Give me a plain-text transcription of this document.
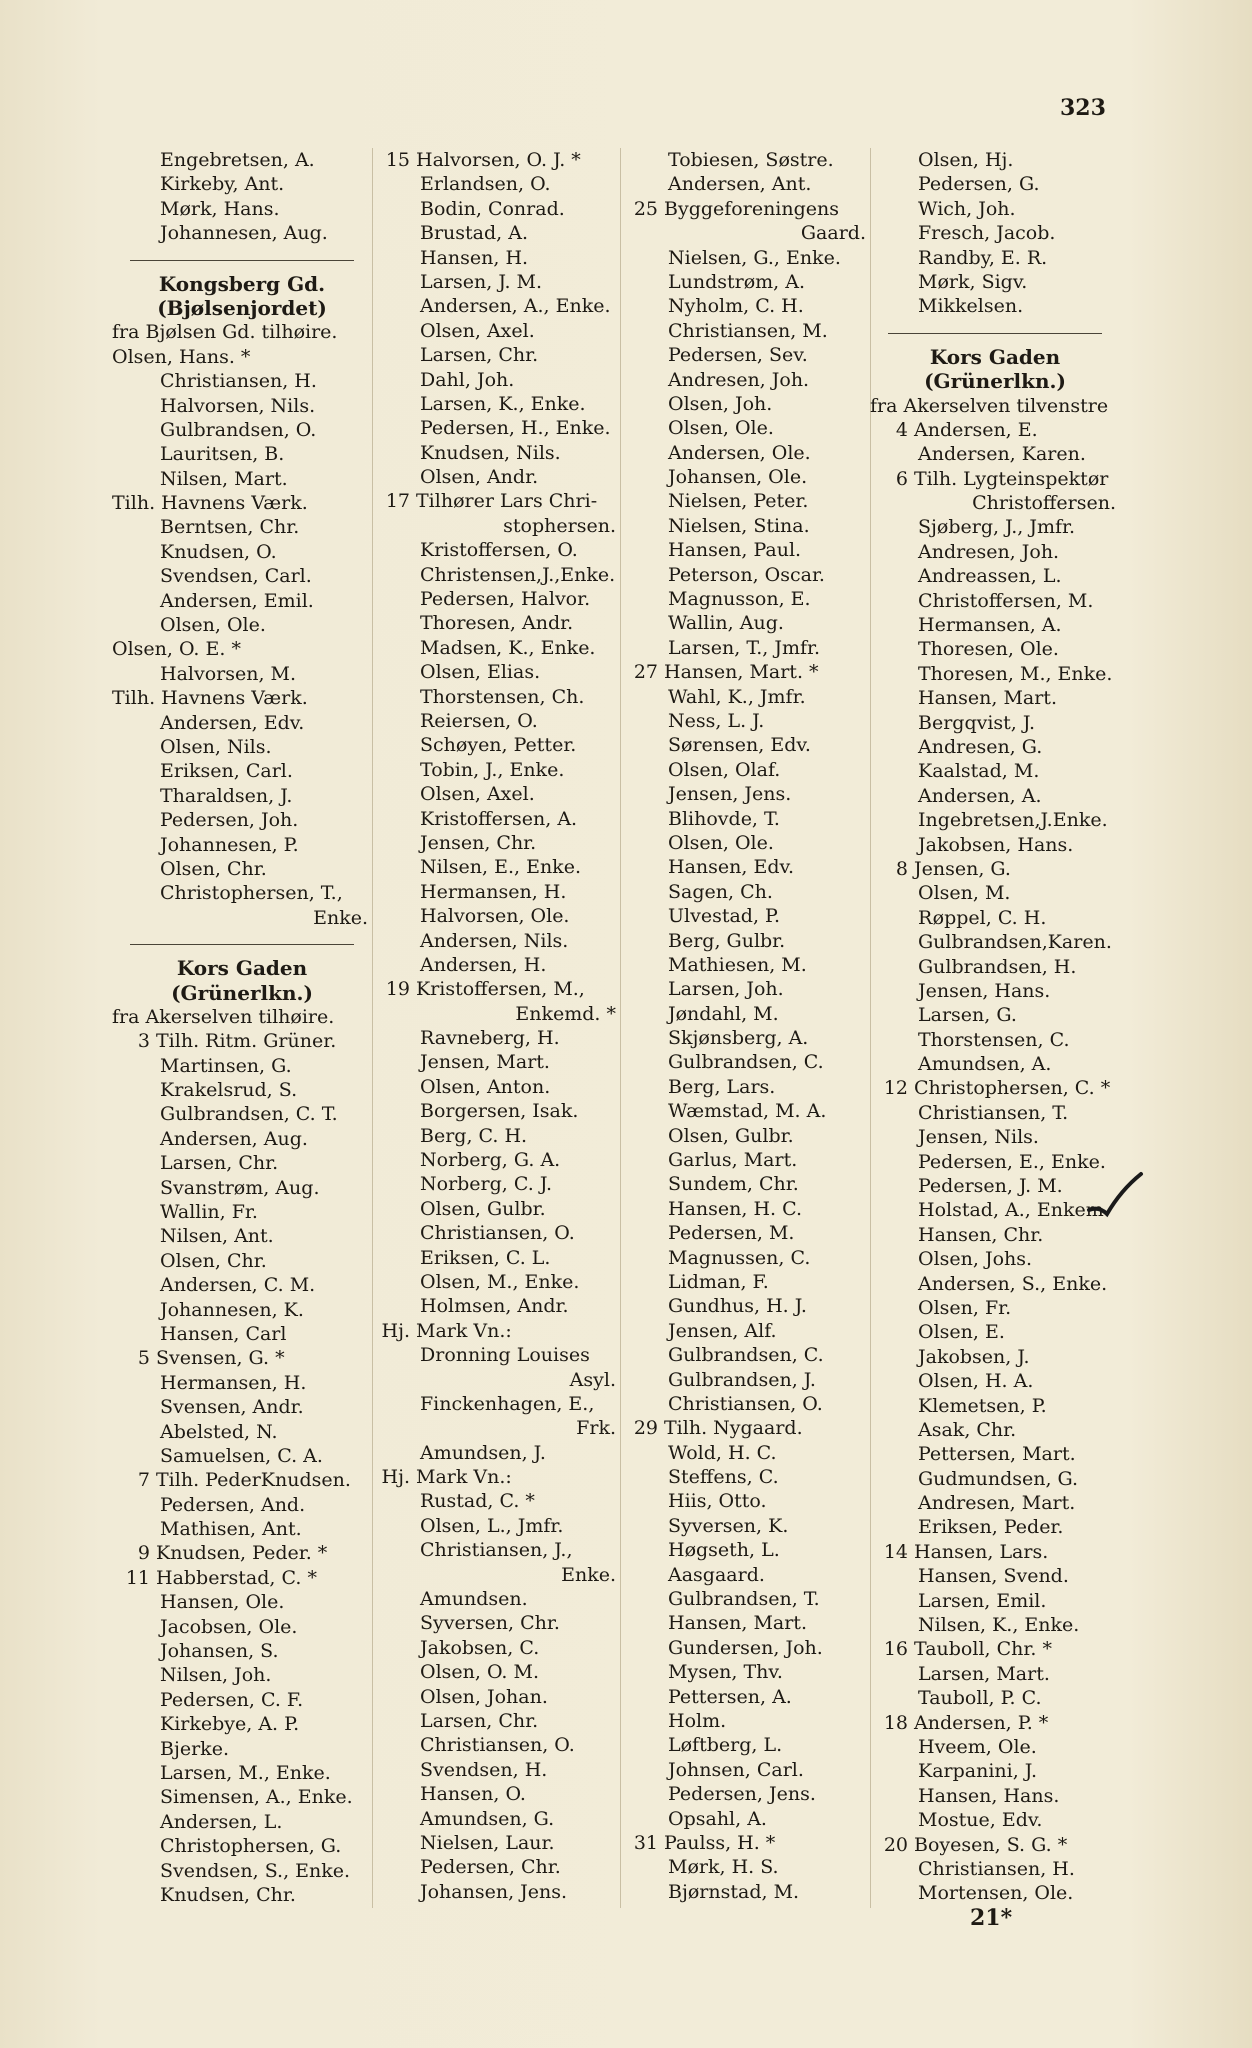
323
Engebretsen, A.
Kirkeby, Ant.
Mørk, Hans.
Johannesen, Aug.
Kongsberg Gd.
(Bjølsenjordet)
fra Bjølsen Gd. tilhøire.
Olsen, Hans. *
Christiansen, H.
Halvorsen, Nils.
Gulbrandsen, O.
Lauritsen, B.
Nilsen, Mart.
Tilh. Havnens Værk.
Berntsen, Chr.
Knudsen, O.
Svendsen, Carl.
Andersen, Emil.
Olsen, Ole.
Olsen, O. E. *
Halvorsen, M.
Tilh. Havnens Værk.
Andersen, Edv.
Olsen, Nils.
Eriksen, Carl.
Tharaldsen, J.
Pedersen, Joh.
Johannesen, P.
Olsen, Chr.
Christophersen, T.,
Enke.
Kors Gaden
(Grünerlkn.)
fra Akerselven tilhøire.
3 Tilh. Ritm. Grüner.
Martinsen, G.
Krakelsrud, S.
Gulbrandsen, C. T.
Andersen, Aug.
Larsen, Chr.
Svanstrøm, Aug.
Wallin, Fr.
Nilsen, Ant.
Olsen, Chr.
Andersen, C. M.
Johannesen, K.
Hansen, Carl
5 Svensen, G. *
Hermansen, H.
Svensen, Andr.
Abelsted, N.
Samuelsen, C. A.
7 Tilh. PederKnudsen.
Pedersen, And.
Mathisen, Ant.
9 Knudsen, Peder. *
11 Habberstad, C. *
Hansen, Ole.
Jacobsen, Ole.
Johansen, S.
Nilsen, Joh.
Pedersen, C. F.
Kirkebye, A. P.
Bjerke.
Larsen, M., Enke.
Simensen, A., Enke.
Andersen, L.
Christophersen, G.
Svendsen, S., Enke.
Knudsen, Chr.
15 Halvorsen, O. J. *
Erlandsen, O.
Bodin, Conrad.
Brustad, A.
Hansen, H.
Larsen, J. M.
Andersen, A., Enke.
Olsen, Axel.
Larsen, Chr.
Dahl, Joh.
Larsen, K., Enke.
Pedersen, H., Enke.
Knudsen, Nils.
Olsen, Andr.
17 Tilhører Lars Chri-
stophersen.
Kristoffersen, O.
Christensen,J.,Enke.
Pedersen, Halvor.
Thoresen, Andr.
Madsen, K., Enke.
Olsen, Elias.
Thorstensen, Ch.
Reiersen, O.
Schøyen, Petter.
Tobin, J., Enke.
Olsen, Axel.
Kristoffersen, A.
Jensen, Chr.
Nilsen, E., Enke.
Hermansen, H.
Halvorsen, Ole.
Andersen, Nils.
Andersen, H.
19 Kristoffersen, M.,
Enkemd. *
Ravneberg, H.
Jensen, Mart.
Olsen, Anton.
Borgersen, Isak.
Berg, C. H.
Norberg, G. A.
Norberg, C. J.
Olsen, Gulbr.
Christiansen, O.
Eriksen, C. L.
Olsen, M., Enke.
Holmsen, Andr.
Hj. Mark Vn.:
Dronning Louises
Asyl.
Finckenhagen, E.,
Frk.
Amundsen, J.
Hj. Mark Vn.:
Rustad, C. *
Olsen, L., Jmfr.
Christiansen, J.,
Enke.
Amundsen.
Syversen, Chr.
Jakobsen, C.
Olsen, O. M.
Olsen, Johan.
Larsen, Chr.
Christiansen, O.
Svendsen, H.
Hansen, O.
Amundsen, G.
Nielsen, Laur.
Pedersen, Chr.
Johansen, Jens.
Tobiesen, Søstre.
Andersen, Ant.
25 Byggeforeningens
Gaard.
Nielsen, G., Enke.
Lundstrøm, A.
Nyholm, C. H.
Christiansen, M.
Pedersen, Sev.
Andresen, Joh.
Olsen, Joh.
Olsen, Ole.
Andersen, Ole.
Johansen, Ole.
Nielsen, Peter.
Nielsen, Stina.
Hansen, Paul.
Peterson, Oscar.
Magnusson, E.
Wallin, Aug.
Larsen, T., Jmfr.
27 Hansen, Mart. *
Wahl, K., Jmfr.
Ness, L. J.
Sørensen, Edv.
Olsen, Olaf.
Jensen, Jens.
Blihovde, T.
Olsen, Ole.
Hansen, Edv.
Sagen, Ch.
Ulvestad, P.
Berg, Gulbr.
Mathiesen, M.
Larsen, Joh.
Jøndahl, M.
Skjønsberg, A.
Gulbrandsen, C.
Berg, Lars.
Wæmstad, M. A.
Olsen, Gulbr.
Garlus, Mart.
Sundem, Chr.
Hansen, H. C.
Pedersen, M.
Magnussen, C.
Lidman, F.
Gundhus, H. J.
Jensen, Alf.
Gulbrandsen, C.
Gulbrandsen, J.
Christiansen, O.
29 Tilh. Nygaard.
Wold, H. C.
Steffens, C.
Hiis, Otto.
Syversen, K.
Høgseth, L.
Aasgaard.
Gulbrandsen, T.
Hansen, Mart.
Gundersen, Joh.
Mysen, Thv.
Pettersen, A.
Holm.
Løftberg, L.
Johnsen, Carl.
Pedersen, Jens.
Opsahl, A.
31 Paulss, H. *
Mørk, H. S.
Bjørnstad, M.
Olsen, Hj.
Pedersen, G.
Wich, Joh.
Fresch, Jacob.
Randby, E. R.
Mørk, Sigv.
Mikkelsen.
Kors Gaden
(Grünerlkn.)
fra Akerselven tilvenstre
4 Andersen, E.
Andersen, Karen.
6 Tilh. Lygteinspektør
Christoffersen.
Sjøberg, J., Jmfr.
Andresen, Joh.
Andreassen, L.
Christoffersen, M.
Hermansen, A.
Thoresen, Ole.
Thoresen, M., Enke.
Hansen, Mart.
Bergqvist, J.
Andresen, G.
Kaalstad, M.
Andersen, A.
Ingebretsen,J.Enke.
Jakobsen, Hans.
8 Jensen, G.
Olsen, M.
Røppel, C. H.
Gulbrandsen,Karen.
Gulbrandsen, H.
Jensen, Hans.
Larsen, G.
Thorstensen, C.
Amundsen, A.
12 Christophersen, C. *
Christiansen, T.
Jensen, Nils.
Pedersen, E., Enke.
Pedersen, J. M.
Holstad, A., Enkem.
Hansen, Chr.
Olsen, Johs.
Andersen, S., Enke.
Olsen, Fr.
Olsen, E.
Jakobsen, J.
Olsen, H. A.
Klemetsen, P.
Asak, Chr.
Pettersen, Mart.
Gudmundsen, G.
Andresen, Mart.
Eriksen, Peder.
14 Hansen, Lars.
Hansen, Svend.
Larsen, Emil.
Nilsen, K., Enke.
16 Tauboll, Chr. *
Larsen, Mart.
Tauboll, P. C.
18 Andersen, P. *
Hveem, Ole.
Karpanini, J.
Hansen, Hans.
Mostue, Edv.
20 Boyesen, S. G. *
Christiansen, H.
Mortensen, Ole.
21*
